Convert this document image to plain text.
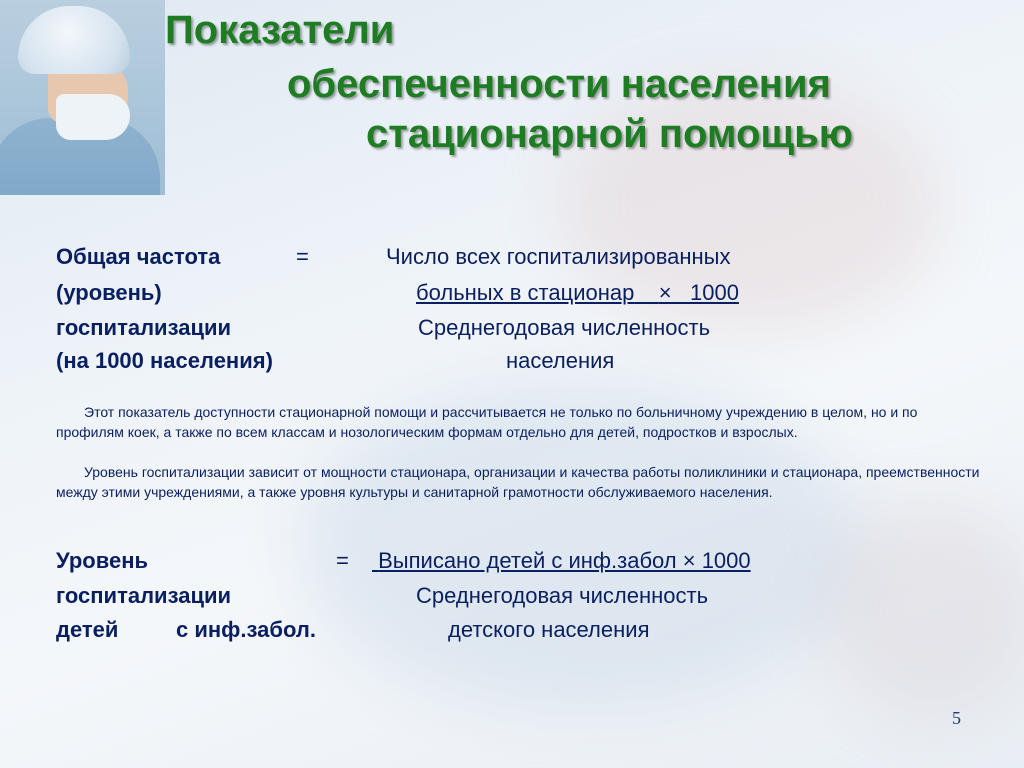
Показатели
обеспеченности населения
стационарной помощью
Общая частота	=
(уровень)
госпитализации
(на 1000 населения)
Число всех госпитализированных
больных в стационар ×   1000
Среднегодовая численность
населения
Этот показатель доступности стационарной помощи и рассчитывается не только по больничному учреждению в целом, но и по профилям коек, а также по всем классам и нозологическим формам отдельно для детей, подростков и взрослых.
Уровень госпитализации зависит от мощности стационара, организации и качества работы поликлиники и стационара, преемственности между этими учреждениями, а также уровня культуры и санитарной грамотности обслуживаемого населения.
Уровень	= Выписано детей с инф.забол × 1000
госпитализации	Среднегодовая численность
детей	с инф.забол.	детского населения
5
